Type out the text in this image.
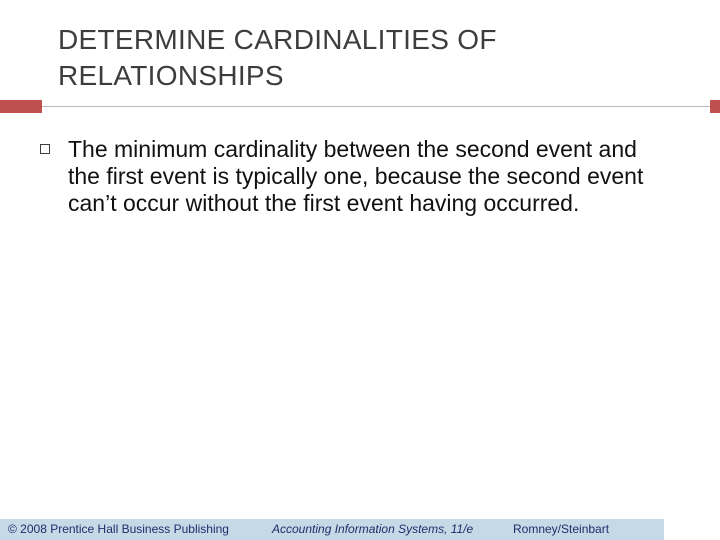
DETERMINE CARDINALITIES OF RELATIONSHIPS

The minimum cardinality between the second event and the first event is typically one, because the second event can’t occur without the first event having occurred.

© 2008 Prentice Hall Business Publishing	Accounting Information Systems, 11/e	Romney/Steinbart
